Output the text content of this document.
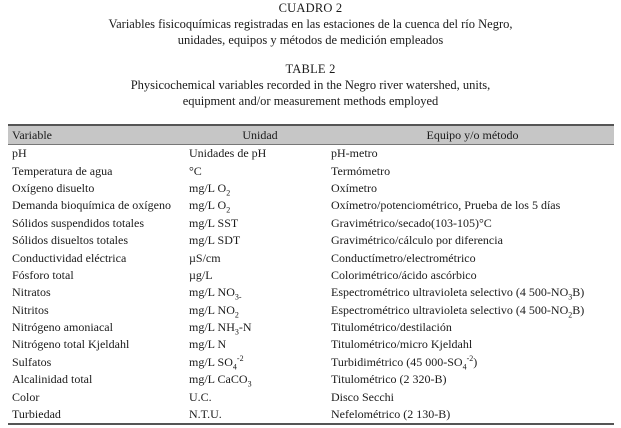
CUADRO 2
Variables fisicoquímicas registradas en las estaciones de la cuenca del río Negro,
unidades, equipos y métodos de medición empleados
TABLE 2
Physicochemical variables recorded in the Negro river watershed, units,
equipment and/or measurement methods employed
Variable	Unidad	Equipo y/o método
pH	Unidades de pH	pH-metro
Temperatura de agua	°C	Termómetro
Oxígeno disuelto	mg/L $O_2$	Oxímetro
Demanda bioquímica de oxígeno	mg/L $O_2$	Oxímetro/potenciométrico, Prueba de los 5 días
Sólidos suspendidos totales	mg/L SST	Gravimétrico/secado(103-105)°C
Sólidos disueltos totales	mg/L SDT	Gravimétrico/cálculo por diferencia
Conductividad eléctrica	µS/cm	Conductímetro/electrométrico
Fósforo total	µg/L	Colorimétrico/ácido ascórbico
Nitratos	mg/L $NO_{3-}$	Espectrométrico ultravioleta selectivo (4 $500-NO_3B$)
Nitritos	mg/L $NO_2$	Espectrométrico ultravioleta selectivo (4 $500-NO_2B$)
Nitrógeno amoniacal	mg/L $NH_3-N$	Titulométrico/destilación
Nitrógeno total Kjeldahl	mg/L N	Titulométrico/micro Kjeldahl
Sulfatos	mg/L $SO_4^{-2}$	Turbidimétrico (45 $000-SO_4^{-2}$)
Alcalinidad total	mg/L CaCO$_3$	Titulométrico (2 320-B)
Color	U.C.	Disco Secchi
Turbiedad	N.T.U.	Nefelométrico (2 130-B)
